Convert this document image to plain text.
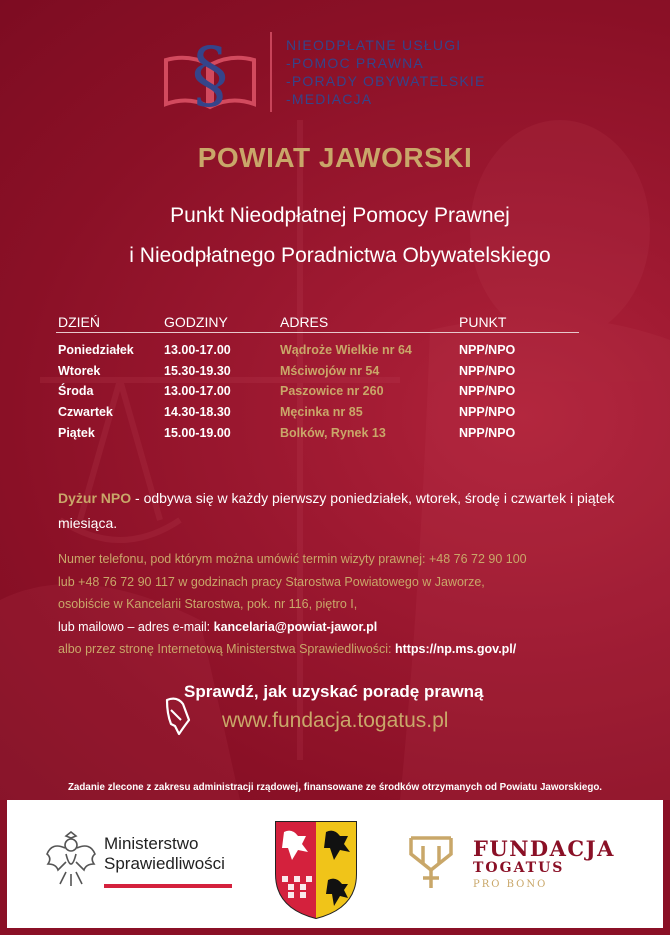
§	NIEODPŁATNE USŁUGI
-POMOC PRAWNA
-PORADY OBYWATELSKIE
-MEDIACJA
POWIAT JAWORSKI
Punkt Nieodpłatnej Pomocy Prawnej
i Nieodpłatnego Poradnictwa Obywatelskiego
DZIEŃ	GODZINY	ADRES	PUNKT
Poniedziałek 13.00-17.00	Wądroże Wielkie nr 64	NPP/NPO
Wtorek	15.30-19.30	Mściwojów nr 54	NPP/NPO
Środa	13.00-17.00	Paszowice nr 260	NPP/NPO
Czwartek	14.30-18.30	Męcinka nr 85	NPP/NPO
Piątek	15.00-19.00	Bolków, Rynek 13	NPP/NPO
Dyżur NPO - odbywa się w każdy pierwszy poniedziałek, wtorek, środę i czwartek i piątek miesiąca.
Numer telefonu, pod którym można umówić termin wizyty prawnej: +48 76 72 90 100
lub +48 76 72 90 117 w godzinach pracy Starostwa Powiatowego w Jaworze,
osobiście w Kancelarii Starostwa, pok. nr 116, piętro I,
lub mailowo – adres e-mail: kancelaria@powiat-jawor.pl
albo przez stronę Internetową Ministerstwa Sprawiedliwości: https://np.ms.gov.pl/
Sprawdź, jak uzyskać poradę prawną
www.fundacja.togatus.pl
Zadanie zlecone z zakresu administracji rządowej, finansowane ze środków otrzymanych od Powiatu Jaworskiego.
Ministerstwo
Sprawiedliwości
FUNDACJA
TOGATUS
PRO BONO
